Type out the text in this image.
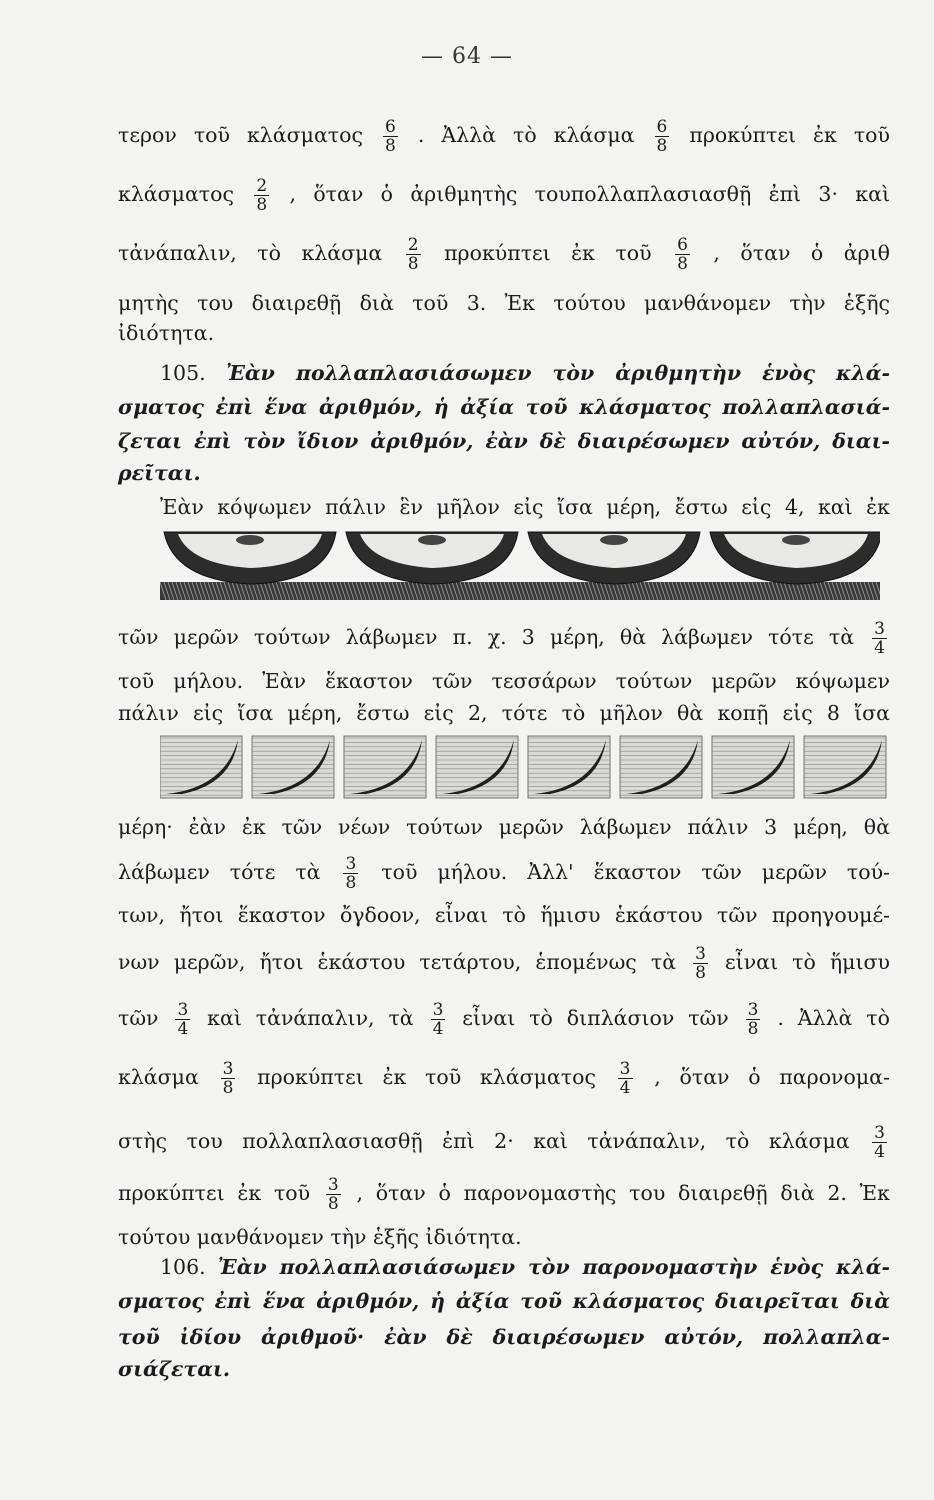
— 64 —
τερον τοῦ κλάσματος $\frac{6}{8}$ . Ἀλλὰ τὸ κλάσμα $\frac{6}{8}$ προκύπτει ἐκ τοῦ
κλάσματος $\frac{2}{8}$ , ὅταν ὁ ἀριθμητὴς τουπολλαπλασιασθῇ ἐπὶ 3· καὶ
τἀνάπαλιν, τὸ κλάσμα $\frac{2}{8}$ προκύπτει ἐκ τοῦ $\frac{6}{8}$ , ὅταν ὁ ἀριθ
μητὴς του διαιρεθῇ διὰ τοῦ 3. Ἐκ τούτου μανθάνομεν τὴν ἑξῆς
ἰδιότητα.
105. Ἐὰν πολλαπλασιάσωμεν τὸν ἀριθμητὴν ἑνὸς κλά-
σματος ἐπὶ ἕνα ἀριθμόν, ἡ ἀξία τοῦ κλάσματος πολλαπλασιά-
ζεται ἐπὶ τὸν ἴδιον ἀριθμόν, ἐὰν δὲ διαιρέσωμεν αὐτόν, διαι-
ρεῖται.
Ἐὰν κόψωμεν πάλιν ἓν μῆλον εἰς ἴσα μέρη, ἔστω εἰς 4, καὶ ἐκ
τῶν μερῶν τούτων λάβωμεν π. χ. 3 μέρη, θὰ λάβωμεν τότε τὰ $\frac{3}{4}$
τοῦ μήλου. Ἐὰν ἕκαστον τῶν τεσσάρων τούτων μερῶν κόψωμεν
πάλιν εἰς ἴσα μέρη, ἔστω εἰς 2, τότε τὸ μῆλον θὰ κοπῇ εἰς 8 ἴσα
μέρη· ἐὰν ἐκ τῶν νέων τούτων μερῶν λάβωμεν πάλιν 3 μέρη, θὰ
λάβωμεν τότε τὰ $\frac{3}{8}$ τοῦ μήλου. Ἀλλ' ἕκαστον τῶν μερῶν τού-
των, ἤτοι ἕκαστον ὄγδοον, εἶναι τὸ ἥμισυ ἑκάστου τῶν προηγουμέ-
νων μερῶν, ἤτοι ἑκάστου τετάρτου, ἑπομένως τὰ $\frac{3}{8}$ εἶναι τὸ ἥμισυ
τῶν $\frac{3}{4}$ καὶ τἀνάπαλιν, τὰ $\frac{3}{4}$ εἶναι τὸ διπλάσιον τῶν $\frac{3}{8}$ . Ἀλλὰ τὸ
κλάσμα $\frac{3}{8}$ προκύπτει ἐκ τοῦ κλάσματος $\frac{3}{4}$ , ὅταν ὁ παρονομα-
στὴς του πολλαπλασιασθῇ ἐπὶ 2· καὶ τἀνάπαλιν, τὸ κλάσμα $\frac{3}{4}$
προκύπτει ἐκ τοῦ $\frac{3}{8}$ , ὅταν ὁ παρονομαστὴς του διαιρεθῇ διὰ 2. Ἐκ
τούτου μανθάνομεν τὴν ἑξῆς ἰδιότητα.
106. Ἐὰν πολλαπλασιάσωμεν τὸν παρονομαστὴν ἑνὸς κλά-
σματος ἐπὶ ἕνα ἀριθμόν, ἡ ἀξία τοῦ κλάσματος διαιρεῖται διὰ
τοῦ ἰδίου ἀριθμοῦ· ἐὰν δὲ διαιρέσωμεν αὐτόν, πολλαπλα-
σιάζεται.
